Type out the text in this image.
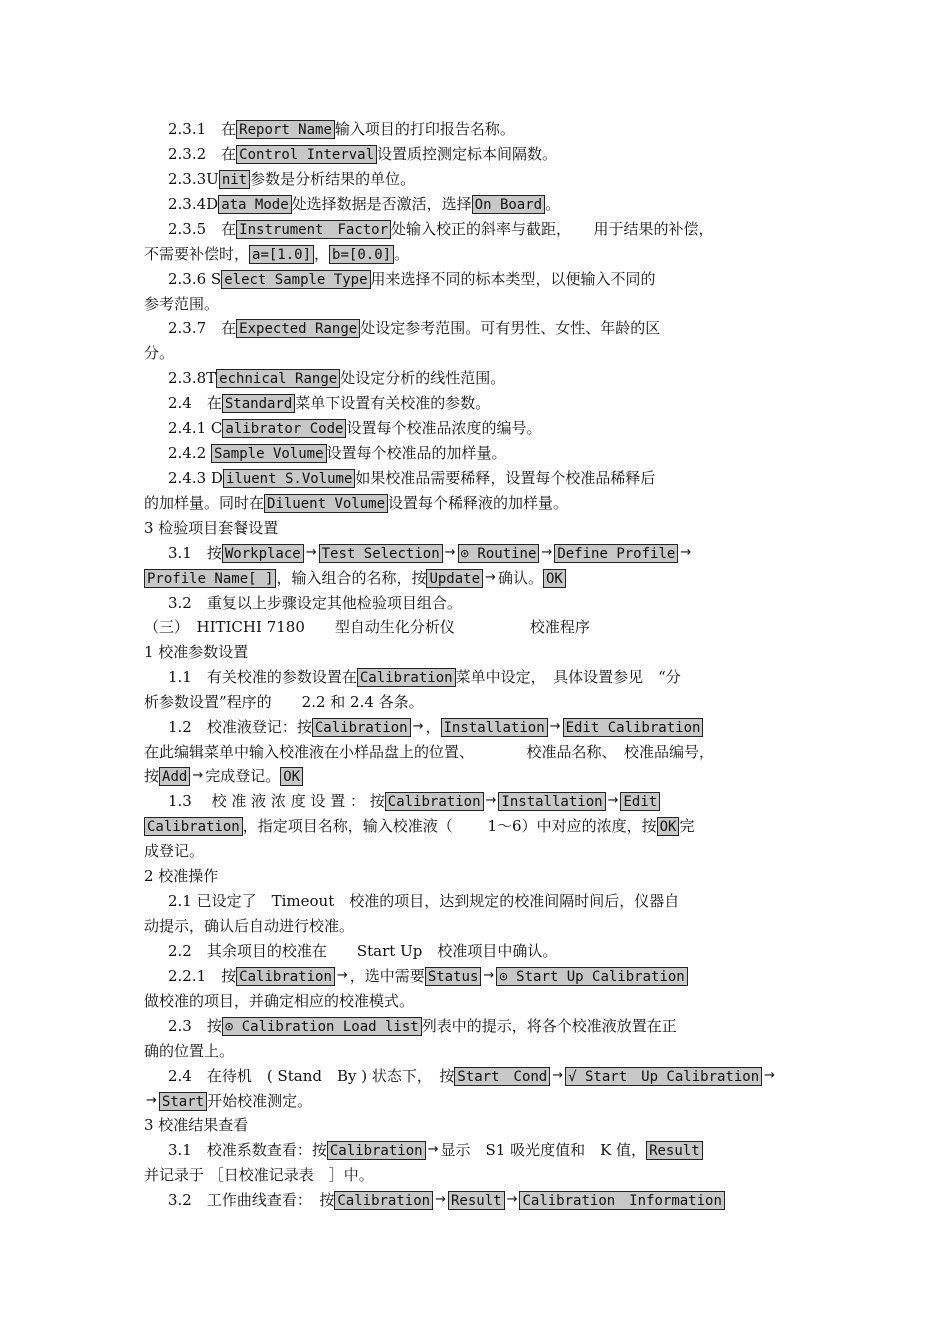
2.3.1　在 Report Name 输入项目的打印报告名称。
2.3.2　在 Control Interval 设置质控测定标本间隔数。
2.3.3U nit 参数是分析结果的单位。
2.3.4D ata Mode 处选择数据是否激活，选择 On Board 。
2.3.5　在 Instrument　Factor 处输入校正的斜率与截距，　　用于结果的补偿，
不需要补偿时， a=[1.0] ， b=[0.0] 。
2.3.6 S elect Sample Type 用来选择不同的标本类型，以便输入不同的
参考范围。
2.3.7　在 Expected Range 处设定参考范围。可有男性、女性、年龄的区
分。
2.3.8T echnical Range 处设定分析的线性范围。
2.4　在 Standard 菜单下设置有关校准的参数。
2.4.1 C alibrator Code 设置每个校准品浓度的编号。
2.4.2 Sample Volume 设置每个校准品的加样量。
2.4.3 D iluent S.Volume 如果校准品需要稀释，设置每个校准品稀释后
的加样量。同时在 Diluent Volume 设置每个稀释液的加样量。
3 检验项目套餐设置
3.1　按 Workplace → Test Selection → ⊙ Routine → Define Profile →
Profile Name[ ] ，输入组合的名称，按 Update → 确认。 OK
3.2　重复以上步骤设定其他检验项目组合。
（三）　HITICHI 7180　　型自动生化分析仪　　　　　校准程序
1 校准参数设置
1.1　有关校准的参数设置在 Calibration 菜单中设定，　具体设置参见　“分
析参数设置”程序的　　2.2 和 2.4 各条。
1.2　校准液登记：按 Calibration → ， Installation → Edit Calibration
在此编辑菜单中输入校准液在小样品盘上的位置、　　　　校准品名称、　校准品编号，
按 Add → 完成登记。 OK
1.3　 校 准 液 浓 度 设 置 ： 按 Calibration → Installation → Edit
Calibration ，指定项目名称，输入校准液（　　 1～6）中对应的浓度，按 OK 完
成登记。
2 校准操作
2.1 已设定了　Timeout　校准的项目，达到规定的校准间隔时间后，仪器自
动提示，确认后自动进行校准。
2.2　其余项目的校准在　　Start Up　校准项目中确认。
2.2.1　按 Calibration → ，选中需要 Status → ⊙ Start Up Calibration
做校准的项目，并确定相应的校准模式。
2.3　按 ⊙ Calibration Load list 列表中的提示，将各个校准液放置在正
确的位置上。
2.4　在待机　( Stand　By ) 状态下，　按 Start　Cond → √ Start　Up Calibration →
→ Start 开始校准测定。
3 校准结果查看
3.1　校准系数查看：按 Calibration → 显示　S1 吸光度值和　K 值， Result
并记录于 ［日校准记录表　］中。
3.2　工作曲线查看：　按 Calibration → Result → Calibration　Information
